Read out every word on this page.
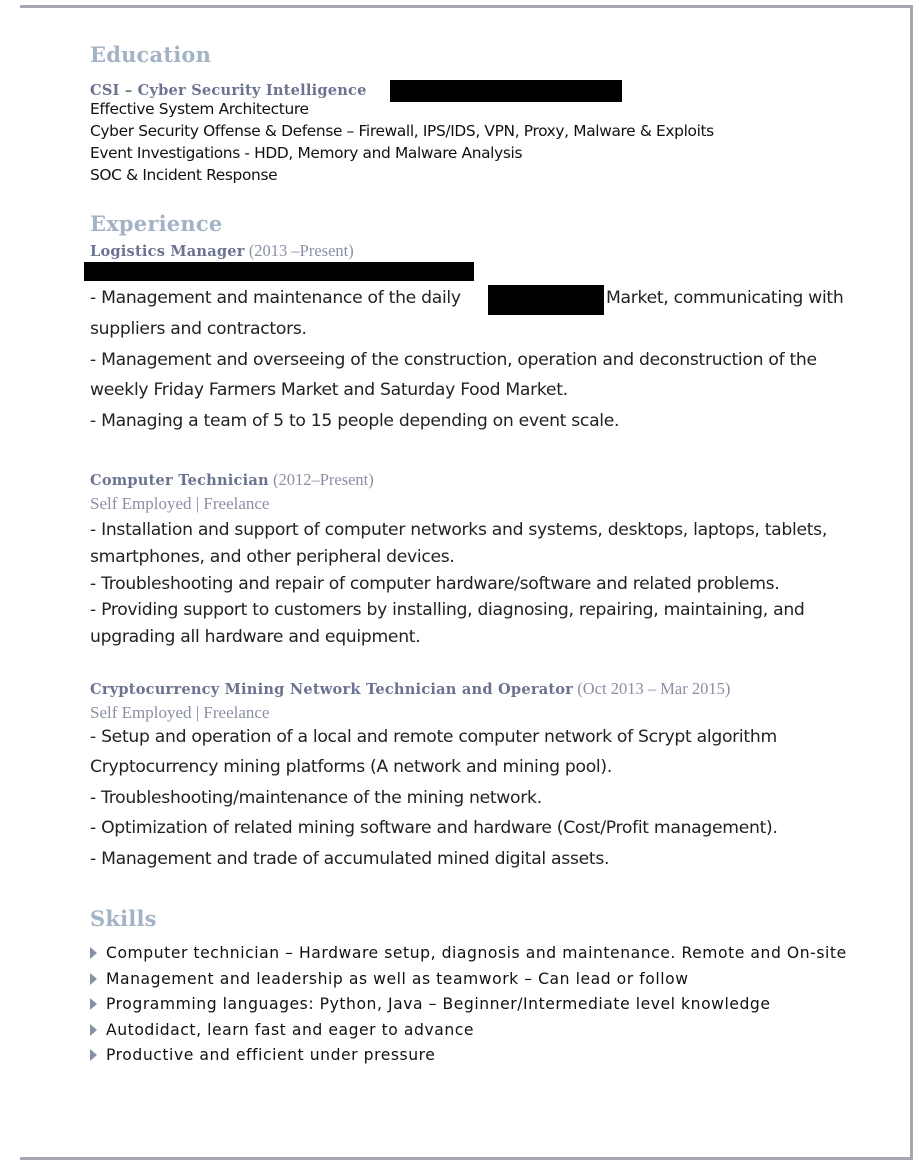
Education
CSI – Cyber Security Intelligence
Effective System Architecture
Cyber Security Offense & Defense – Firewall, IPS/IDS, VPN, Proxy, Malware & Exploits
Event Investigations - HDD, Memory and Malware Analysis
SOC & Incident Response
Experience
Logistics Manager (2013 –Present)
- Management and maintenance of the daily	Market, communicating with
suppliers and contractors.
- Management and overseeing of the construction, operation and deconstruction of the
weekly Friday Farmers Market and Saturday Food Market.
- Managing a team of 5 to 15 people depending on event scale.
Computer Technician (2012–Present)
Self Employed | Freelance
- Installation and support of computer networks and systems, desktops, laptops, tablets,
smartphones, and other peripheral devices.
- Troubleshooting and repair of computer hardware/software and related problems.
- Providing support to customers by installing, diagnosing, repairing, maintaining, and
upgrading all hardware and equipment.
Cryptocurrency Mining Network Technician and Operator (Oct 2013 – Mar 2015)
Self Employed | Freelance
- Setup and operation of a local and remote computer network of Scrypt algorithm
Cryptocurrency mining platforms (A network and mining pool).
- Troubleshooting/maintenance of the mining network.
- Optimization of related mining software and hardware (Cost/Profit management).
- Management and trade of accumulated mined digital assets.
Skills
Computer technician – Hardware setup, diagnosis and maintenance. Remote and On-site
Management and leadership as well as teamwork – Can lead or follow
Programming languages: Python, Java – Beginner/Intermediate level knowledge
Autodidact, learn fast and eager to advance
Productive and efficient under pressure
